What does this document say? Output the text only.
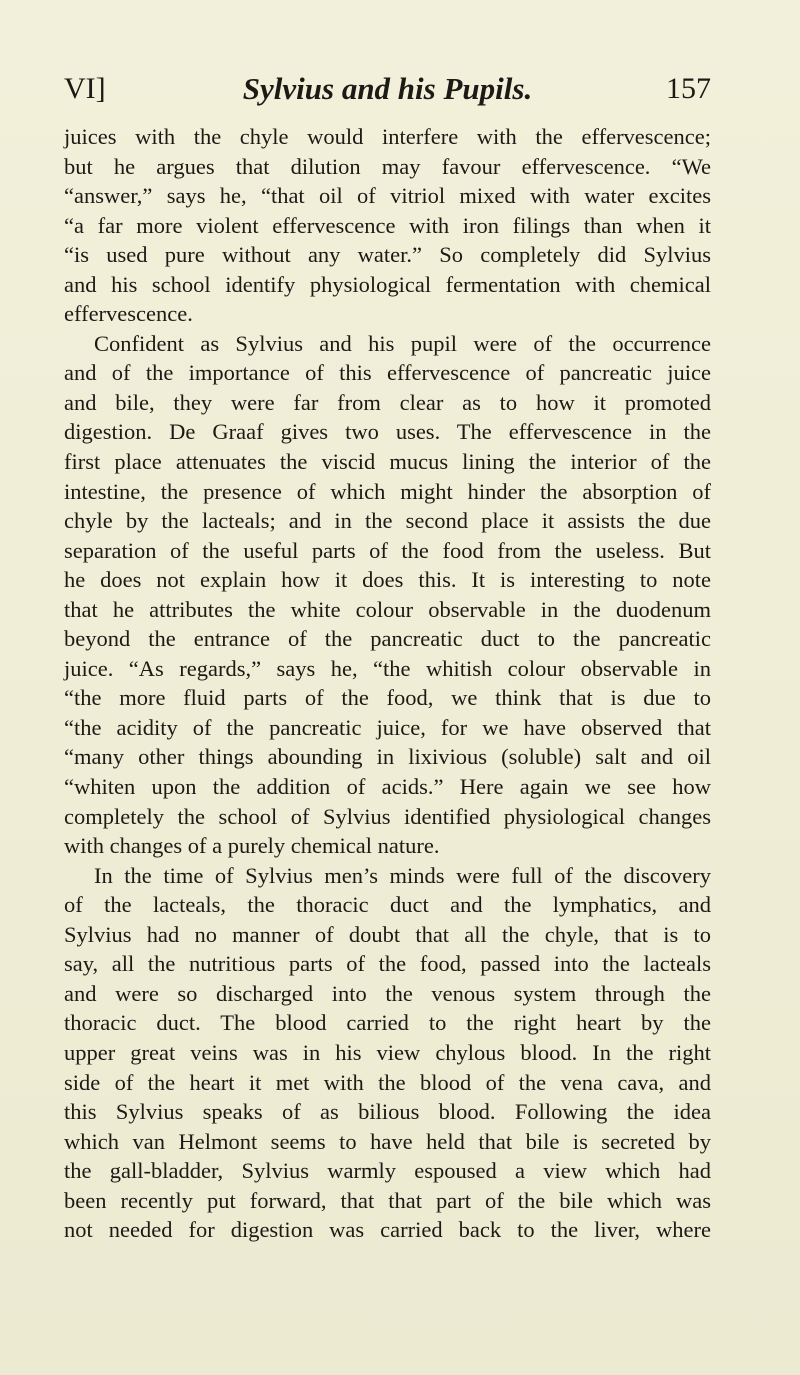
VI]	Sylvius and his Pupils.	157
juices with the chyle would interfere with the effervescence;
but he argues that dilution may favour effervescence. “We
“answer,” says he, “that oil of vitriol mixed with water excites
“a far more violent effervescence with iron filings than when it
“is used pure without any water.” So completely did Sylvius
and his school identify physiological fermentation with chemical
effervescence.
Confident as Sylvius and his pupil were of the occurrence
and of the importance of this effervescence of pancreatic juice
and bile, they were far from clear as to how it promoted
digestion. De Graaf gives two uses. The effervescence in the
first place attenuates the viscid mucus lining the interior of the
intestine, the presence of which might hinder the absorption of
chyle by the lacteals; and in the second place it assists the due
separation of the useful parts of the food from the useless. But
he does not explain how it does this. It is interesting to note
that he attributes the white colour observable in the duodenum
beyond the entrance of the pancreatic duct to the pancreatic
juice. “As regards,” says he, “the whitish colour observable in
“the more fluid parts of the food, we think that is due to
“the acidity of the pancreatic juice, for we have observed that
“many other things abounding in lixivious (soluble) salt and oil
“whiten upon the addition of acids.” Here again we see how
completely the school of Sylvius identified physiological changes
with changes of a purely chemical nature.
In the time of Sylvius men’s minds were full of the discovery
of the lacteals, the thoracic duct and the lymphatics, and
Sylvius had no manner of doubt that all the chyle, that is to
say, all the nutritious parts of the food, passed into the lacteals
and were so discharged into the venous system through the
thoracic duct. The blood carried to the right heart by the
upper great veins was in his view chylous blood. In the right
side of the heart it met with the blood of the vena cava, and
this Sylvius speaks of as bilious blood. Following the idea
which van Helmont seems to have held that bile is secreted by
the gall-bladder, Sylvius warmly espoused a view which had
been recently put forward, that that part of the bile which was
not needed for digestion was carried back to the liver, where
